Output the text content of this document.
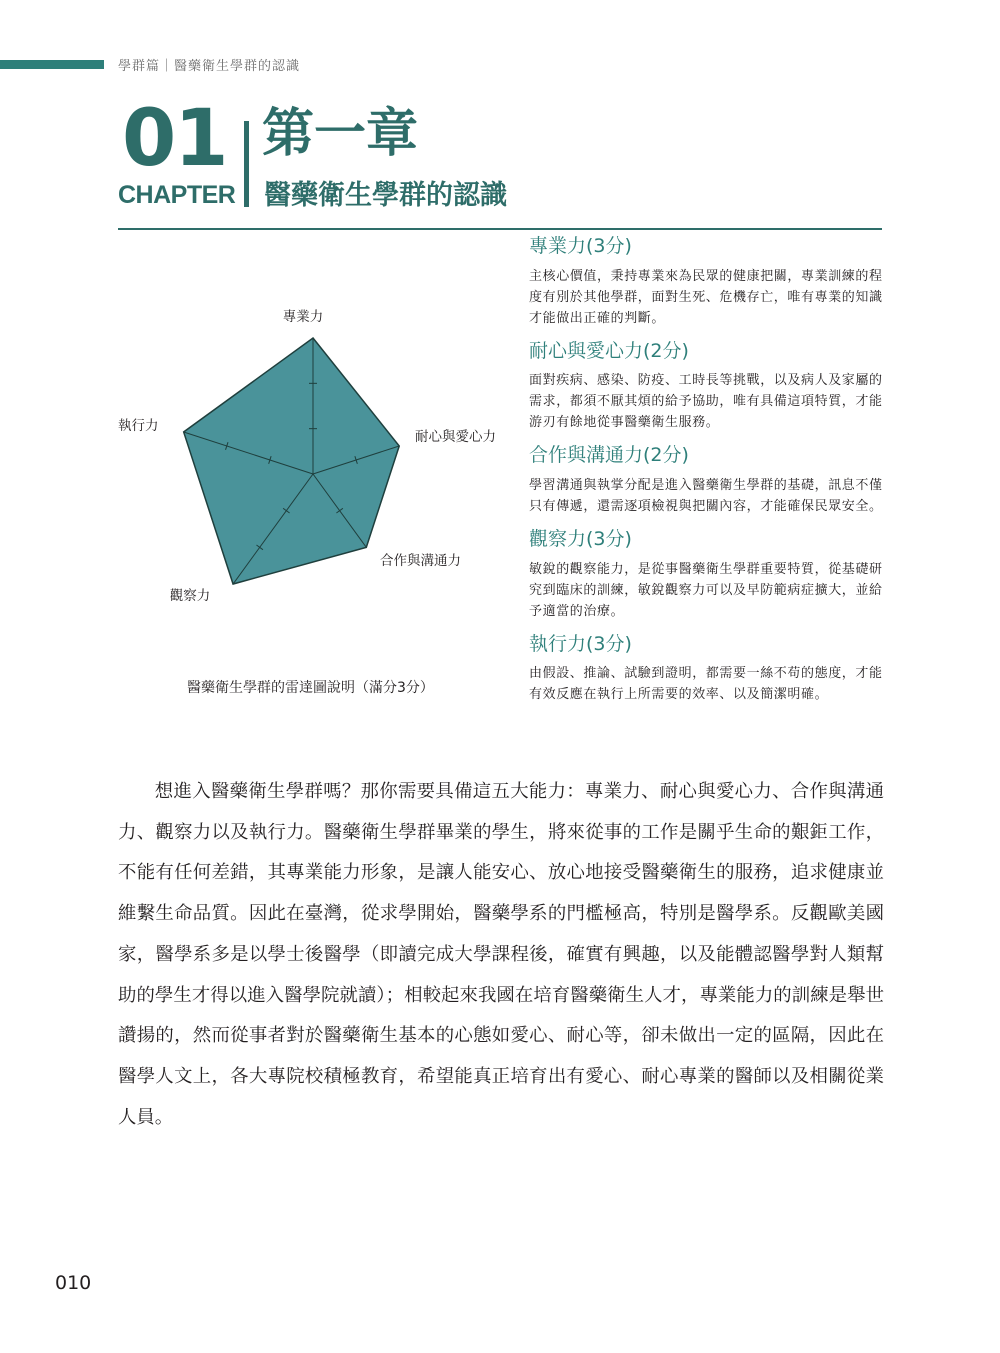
學群篇｜醫藥衛生學群的認識
01
CHAPTER
第一章
醫藥衛生學群的認識
專業力
耐心與愛心力
合作與溝通力
觀察力
執行力
醫藥衛生學群的雷達圖說明（滿分3分）
專業力(3分)

主核心價值，秉持專業來為民眾的健康把關，專業訓練的程度有別於其他學群，面對生死、危機存亡，唯有專業的知識才能做出正確的判斷。

耐心與愛心力(2分)

面對疾病、感染、防疫、工時長等挑戰，以及病人及家屬的需求，都須不厭其煩的給予協助，唯有具備這項特質，才能游刃有餘地從事醫藥衛生服務。

合作與溝通力(2分)

學習溝通與執掌分配是進入醫藥衛生學群的基礎，訊息不僅只有傳遞，還需逐項檢視與把關內容，才能確保民眾安全。

觀察力(3分)

敏銳的觀察能力，是從事醫藥衛生學群重要特質，從基礎研究到臨床的訓練，敏銳觀察力可以及早防範病症擴大，並給予適當的治療。

執行力(3分)

由假設、推論、試驗到證明，都需要一絲不苟的態度，才能有效反應在執行上所需要的效率、以及簡潔明確。

想進入醫藥衛生學群嗎？那你需要具備這五大能力：專業力、耐心與愛心力、合作與溝通力、觀察力以及執行力。醫藥衛生學群畢業的學生，將來從事的工作是關乎生命的艱鉅工作，不能有任何差錯，其專業能力形象，是讓人能安心、放心地接受醫藥衛生的服務，追求健康並維繫生命品質。因此在臺灣，從求學開始，醫藥學系的門檻極高，特別是醫學系。反觀歐美國家，醫學系多是以學士後醫學（即讀完成大學課程後，確實有興趣，以及能體認醫學對人類幫助的學生才得以進入醫學院就讀）；相較起來我國在培育醫藥衛生人才，專業能力的訓練是舉世讚揚的，然而從事者對於醫藥衛生基本的心態如愛心、耐心等，卻未做出一定的區隔，因此在醫學人文上，各大專院校積極教育，希望能真正培育出有愛心、耐心專業的醫師以及相關從業人員。

010
